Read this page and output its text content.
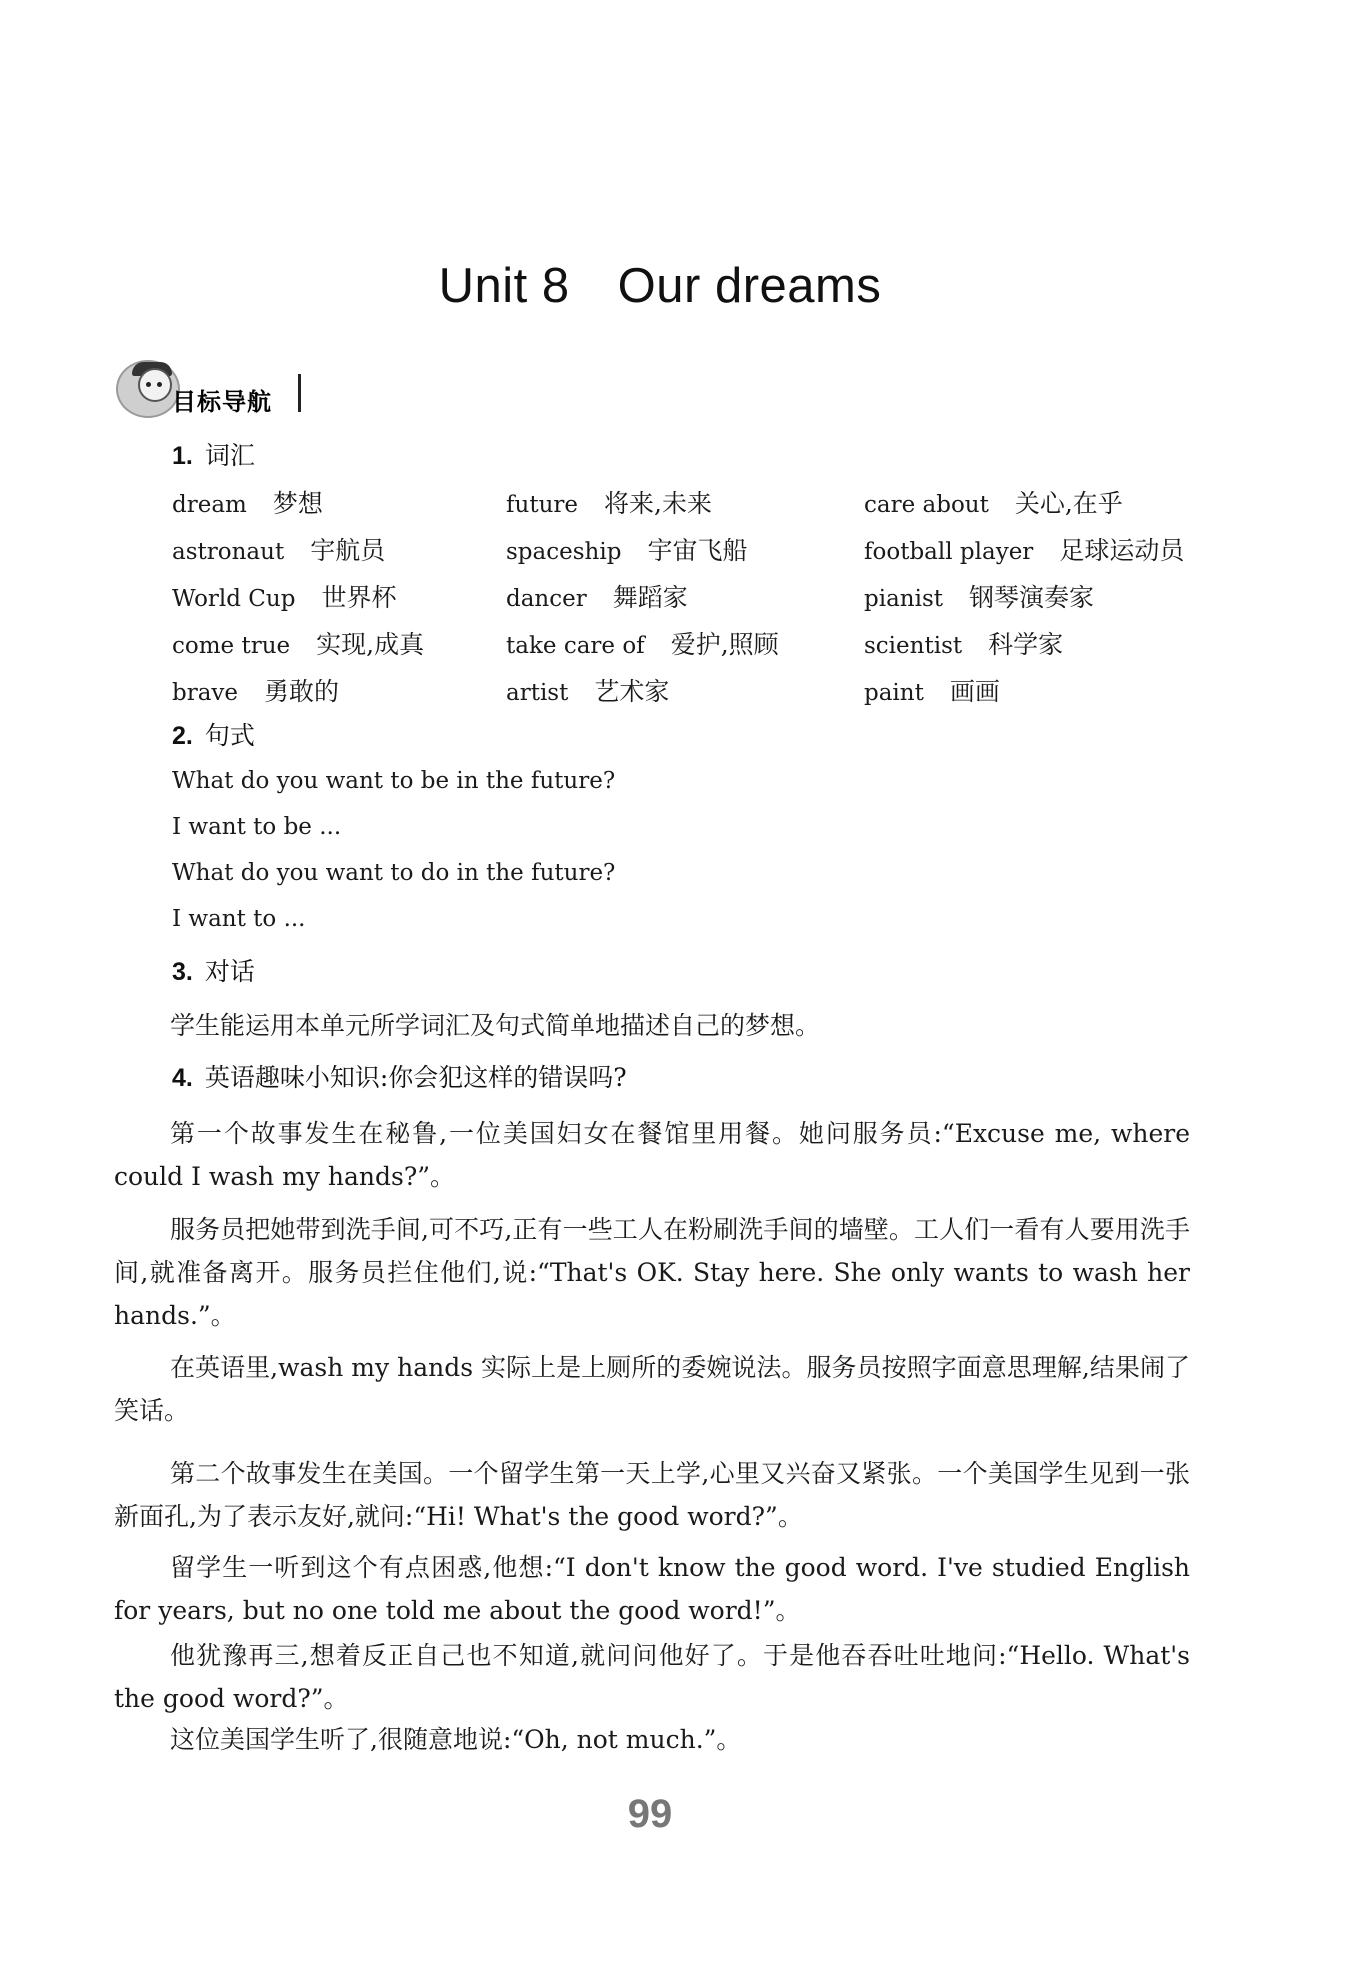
Unit 8 Our dreams
目标导航
1. 词汇
dream 梦想
astronaut 宇航员
World Cup 世界杯
come true 实现,成真
brave 勇敢的
future 将来,未来
spaceship 宇宙飞船
dancer 舞蹈家
take care of 爱护,照顾
artist 艺术家
care about 关心,在乎
football player 足球运动员
pianist 钢琴演奏家
scientist 科学家
paint 画画
2. 句式
What do you want to be in the future?
I want to be ...
What do you want to do in the future?
I want to ...
3. 对话
学生能运用本单元所学词汇及句式简单地描述自己的梦想。
4. 英语趣味小知识:你会犯这样的错误吗?
第一个故事发生在秘鲁,一位美国妇女在餐馆里用餐。她问服务员:“Excuse me, where could I wash my hands?”。
服务员把她带到洗手间,可不巧,正有一些工人在粉刷洗手间的墙壁。工人们一看有人要用洗手间,就准备离开。服务员拦住他们,说:“That's OK. Stay here. She only wants to wash her hands.”。
在英语里,wash my hands 实际上是上厕所的委婉说法。服务员按照字面意思理解,结果闹了笑话。
第二个故事发生在美国。一个留学生第一天上学,心里又兴奋又紧张。一个美国学生见到一张新面孔,为了表示友好,就问:“Hi! What's the good word?”。
留学生一听到这个有点困惑,他想:“I don't know the good word. I've studied English for years, but no one told me about the good word!”。
他犹豫再三,想着反正自己也不知道,就问问他好了。于是他吞吞吐吐地问:“Hello. What's the good word?”。
这位美国学生听了,很随意地说:“Oh, not much.”。
99
